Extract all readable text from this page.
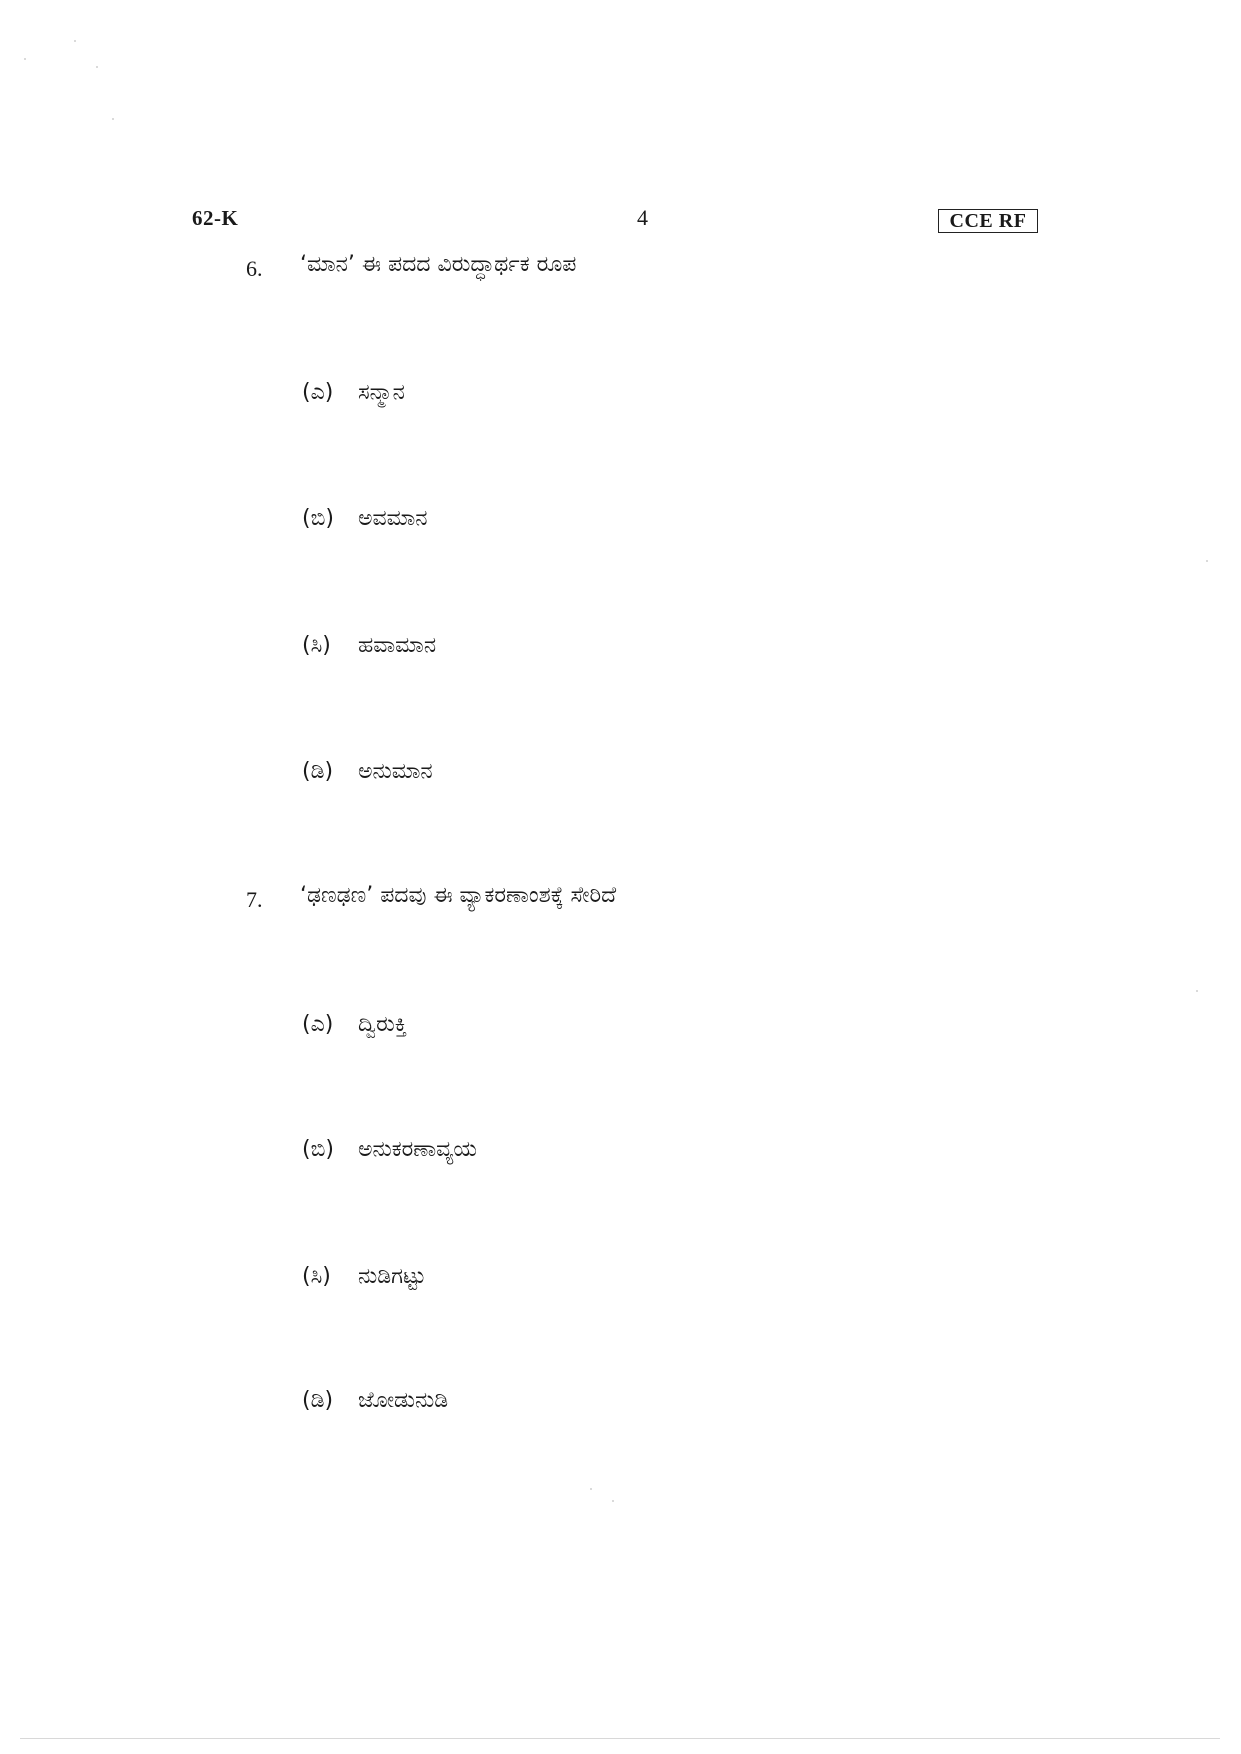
62-K	4	CCE RF
6. ‘ಮಾನ’ ಈ ಪದದ ವಿರುದ್ಧಾರ್ಥಕ ರೂಪ
(ಎ) ಸನ್ಮಾನ
(ಬಿ) ಅವಮಾನ
(ಸಿ) ಹವಾಮಾನ
(ಡಿ) ಅನುಮಾನ
7. ‘ಢಣಢಣ’ ಪದವು ಈ ವ್ಯಾಕರಣಾಂಶಕ್ಕೆ ಸೇರಿದೆ
(ಎ) ದ್ವಿರುಕ್ತಿ
(ಬಿ) ಅನುಕರಣಾವ್ಯಯ
(ಸಿ) ನುಡಿಗಟ್ಟು
(ಡಿ) ಜೋಡುನುಡಿ
